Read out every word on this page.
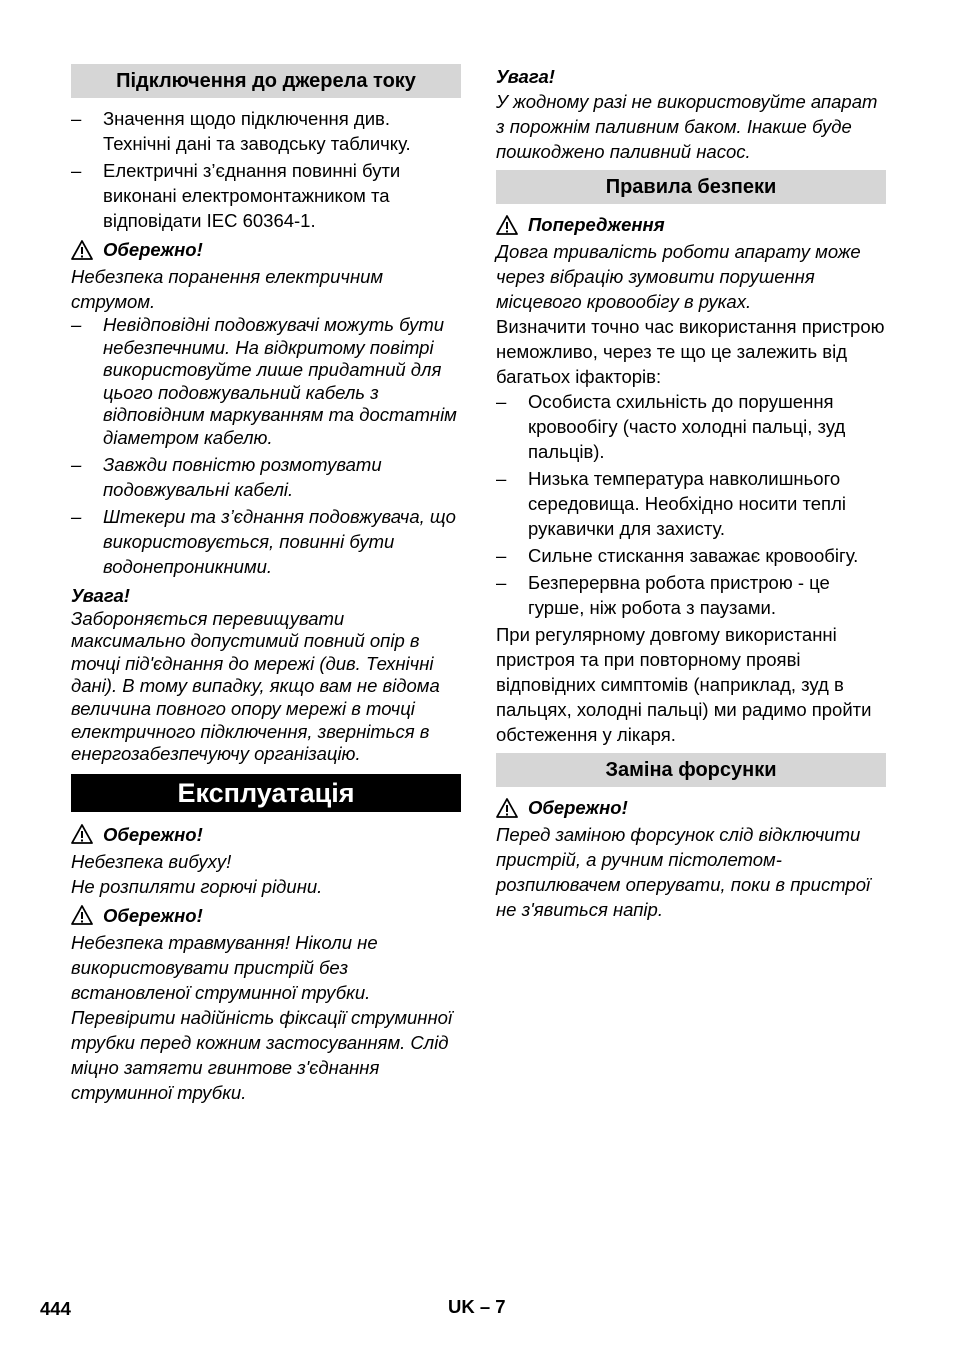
Підключення до джерела току
– Значення щодо підключення див. Технічні дані та заводську табличку.
– Електричні з’єднання повинні бути виконані електромонтажником та відповідати IEC 60364-1.
Обережно!

Небезпека поранення електричним струмом.

– Невідповідні подовжувачі можуть бути небезпечними. На відкритому повітрі використовуйте лише придатний для цього подовжувальний кабель з відповідним маркуванням та достатнім діаметром кабелю.
– Завжди повністю розмотувати подовжувальні кабелі.
– Штекери та з’єднання подовжувача, що використовується, повинні бути водонепроникними.
Увага!

Забороняється перевищувати максимально допустимий повний опір в точці під'єднання до мережі (див. Технічні дані). В тому випадку, якщо вам не відома величина повного опору мережі в точці електричного підключення, зверніться в енергозабезпечуючу організацію.

Експлуатація
Обережно!

Небезпека вибуху!

Не розпиляти горючі рідини.

Обережно!

Небезпека травмування! Ніколи не використовувати пристрій без встановленої струминної трубки. Перевірити надійність фіксації струминної трубки перед кожним застосуванням. Слід міцно затягти гвинтове з'єднання струминної трубки.

Увага!

У жодному разі не використовуйте апарат з порожнім паливним баком. Інакше буде пошкоджено паливний насос.

Правила безпеки
Попередження

Довга тривалість роботи апарату може через вібрацію зумовити порушення місцевого кровообігу в руках.

Визначити точно час використання пристрою неможливо, через те що це залежить від багатьох іфакторів:

– Особиста схильність до порушення кровообігу (часто холодні пальці, зуд пальців).
– Низька температура навколишнього середовища. Необхідно носити теплі рукавички для захисту.
– Сильне стискання заважає кровообігу.
– Безперервна робота пристрою - це гурше, ніж робота з паузами.

При регулярному довгому використанні пристроя та при повторному прояві відповідних симптомів (наприклад, зуд в пальцях, холодні пальці) ми радимо пройти обстеження у лікаря.

Заміна форсунки
Обережно!

Перед заміною форсунок слід відключити пристрій, а ручним пістолетом-розпилювачем оперувати, поки в пристрої не з'явиться напір.

444	UK – 7
